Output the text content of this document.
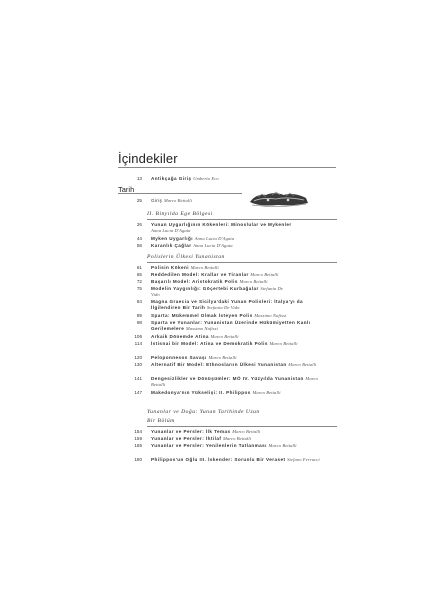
İçindekiler
13 Antikçağa Giriş Umberto Eco
Tarih
25 Giriş Marco Bettalli
II. Binyılda Ege Bölgesi
26 Yunan Uygarlığının Kökenleri: Minoslular ve Mykenler Anna Lucia D'Agata
44 Myken Uygarlığı Anna Lucia D'Agata
58 Karanlık Çağlar Anna Lucia D'Agata
Polislerin Ülkesi Yunanistan
61 Polisin Kökeni Marco Bettalli
65 Reddedilen Model: Krallar ve Tiranlar Marco Bettalli
72 Başarılı Model: Aristokratik Polis Marco Bettalli
75 Modelin Yaygınlığı: Göçertebi Kurbağalar Stefania De Vido
84 Magna Graecia ve Sicilya'daki Yunan Polisleri: İtalya'yı da İlgilendiren Bir Tarih Stefania De Vido
89 Sparta: Mükemmel Olmak İsteyen Polis Massimo Nafissi
98 Sparta ve Yunanlar: Yunanistan Üzerinde Hükümiyetten Kanlı Gerilemelere Massimo Nafissi
106 Arkaik Dönemde Atina Marco Bettalli
114 İstisnai bir Model: Atina ve Demokratik Polis Marco Bettalli
120 Peloponnesos Savaşı Marco Bettalli
130 Alternatif Bir Model: Ethnoslarıın Ülkesi Yunanistan Marco Bettalli
141 Dengesizlikler ve Dönüşümler: MÖ IV. Yüzyılda Yunanistan Marco Bettalli
147 Makedonya'nın Yükselişi: II. Philippos Marco Bettalli
Yunanlar ve Doğu: Yunan Tarihinde Uzun
Bir Bölüm
154 Yunanlar ve Persler: İlk Temas Marco Bettalli
159 Yunanlar ve Persler: İhtilaf Marco Bettalli
165 Yunanlar ve Persler: Yenilenlerin Tatlanması Marco Bettalli
180 Philippos'un Oğlu III. İskender: Sorunlu Bir Veraset Stefano Ferrucci
